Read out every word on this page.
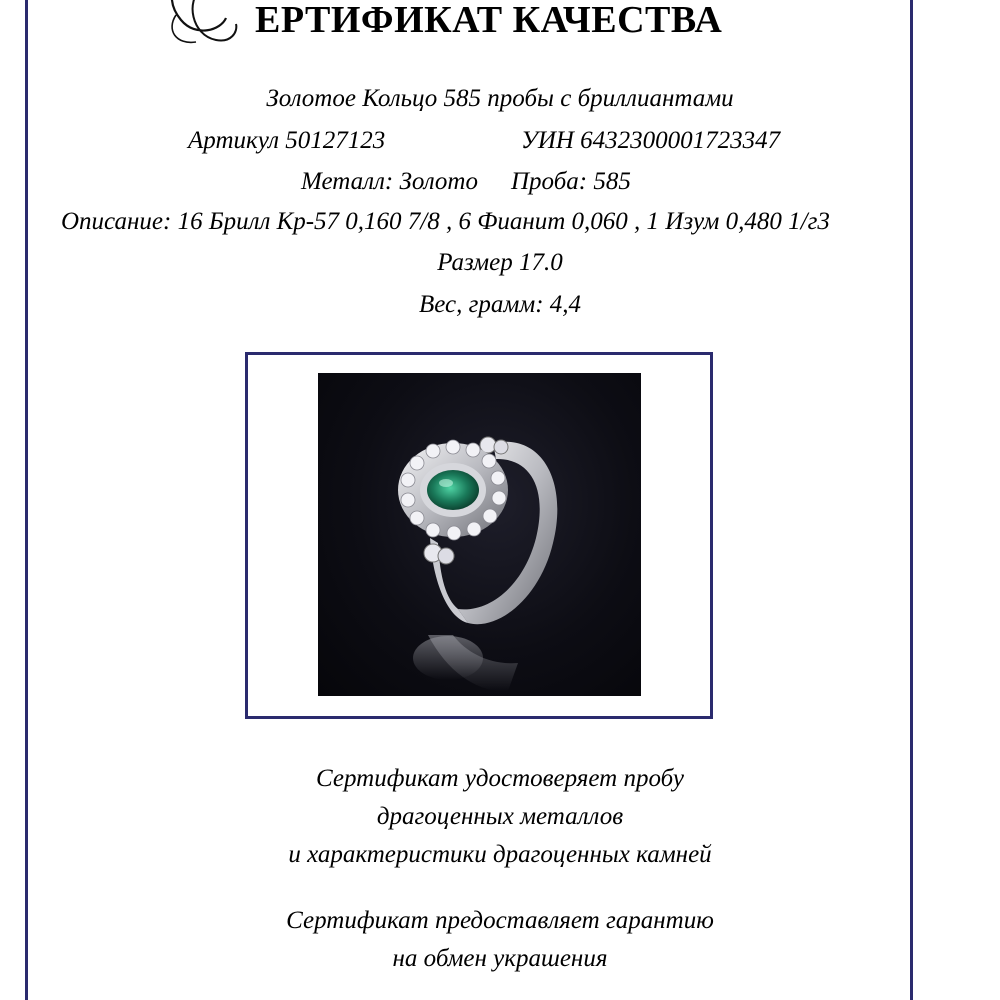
ЕРТИФИКАТ КАЧЕСТВА

Золотое Кольцо 585 пробы с бриллиантами

Артикул 50127123	УИН 6432300001723347

Металл: Золото Проба: 585

Описание: 16 Брилл Кр-57 0,160 7/8 , 6 Фианит 0,060 , 1 Изум 0,480 1/г3

Размер 17.0

Вес, грамм: 4,4

Сертификат удостоверяет пробу

драгоценных металлов

и характеристики драгоценных камней

Сертификат предоставляет гарантию

на обмен украшения
